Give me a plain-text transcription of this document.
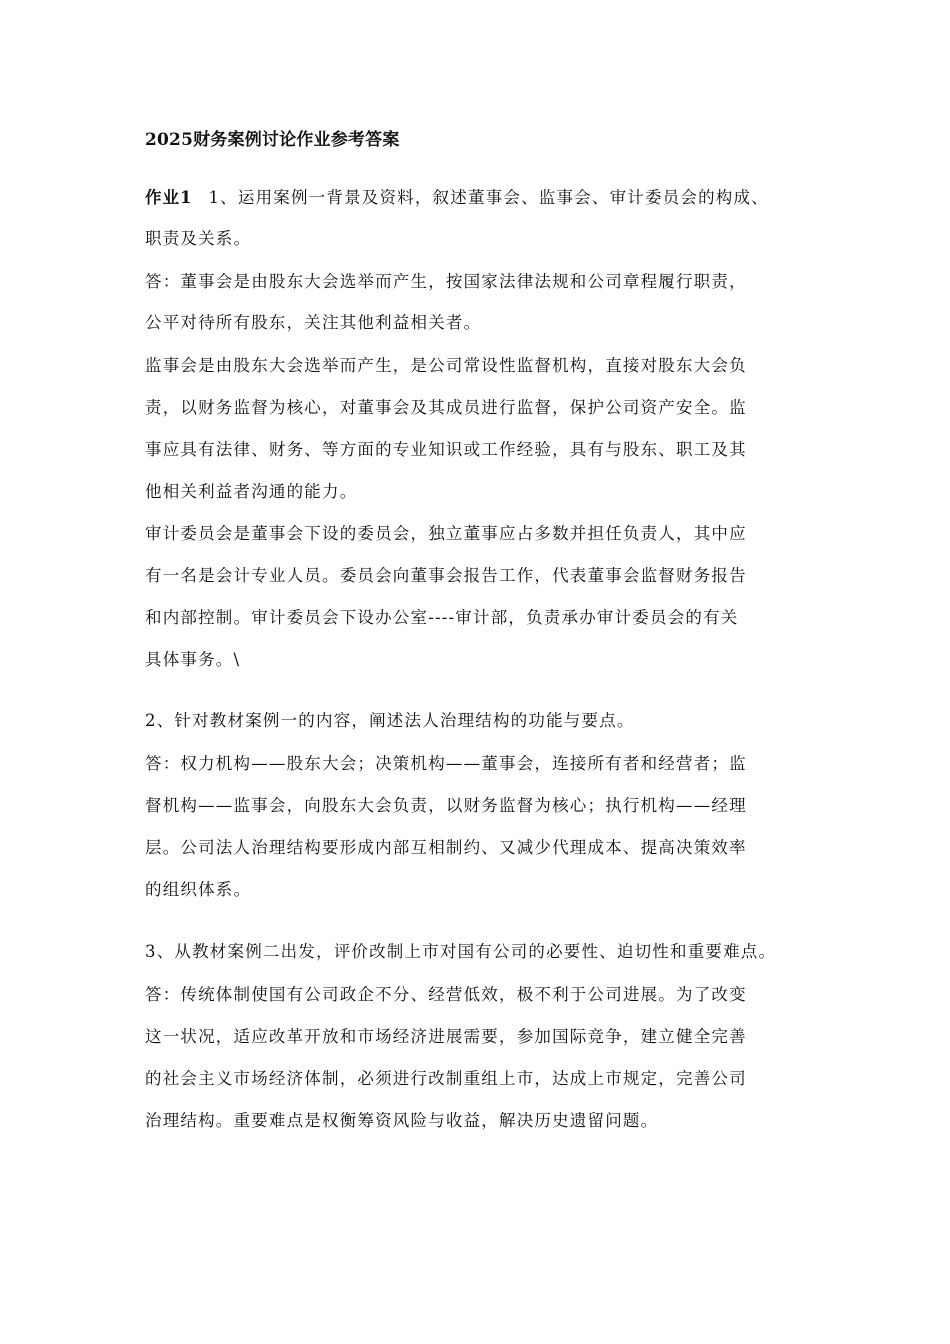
2025财务案例讨论作业参考答案
作业1 1、运用案例一背景及资料，叙述董事会、监事会、审计委员会的构成、
职责及关系。
答：董事会是由股东大会选举而产生，按国家法律法规和公司章程履行职责，
公平对待所有股东，关注其他利益相关者。
监事会是由股东大会选举而产生，是公司常设性监督机构，直接对股东大会负
责，以财务监督为核心，对董事会及其成员进行监督，保护公司资产安全。监
事应具有法律、财务、等方面的专业知识或工作经验，具有与股东、职工及其
他相关利益者沟通的能力。
审计委员会是董事会下设的委员会，独立董事应占多数并担任负责人，其中应
有一名是会计专业人员。委员会向董事会报告工作，代表董事会监督财务报告
和内部控制。审计委员会下设办公室----审计部，负责承办审计委员会的有关
具体事务。\
2、针对教材案例一的内容，阐述法人治理结构的功能与要点。
答：权力机构——股东大会；决策机构——董事会，连接所有者和经营者；监
督机构——监事会，向股东大会负责，以财务监督为核心；执行机构——经理
层。公司法人治理结构要形成内部互相制约、又减少代理成本、提高决策效率
的组织体系。
3、从教材案例二出发，评价改制上市对国有公司的必要性、迫切性和重要难点。
答：传统体制使国有公司政企不分、经营低效，极不利于公司进展。为了改变
这一状况，适应改革开放和市场经济进展需要，参加国际竞争，建立健全完善
的社会主义市场经济体制，必须进行改制重组上市，达成上市规定，完善公司
治理结构。重要难点是权衡筹资风险与收益，解决历史遗留问题。
